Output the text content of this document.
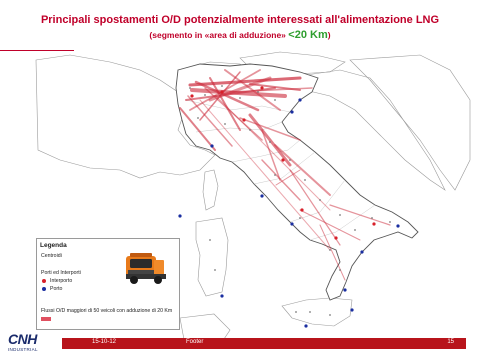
Principali spostamenti O/D potenzialmente interessati all'alimentazione LNG
(segmento in «area di adduzione» <20 Km)
Legenda
Centroidi
Porti ed Interporti
Interporto
Porto
Flussi O/D maggiori di 50 veicoli con adduzione di 20 Km
CNH
INDUSTRIAL
15-10-12	Footer	15
